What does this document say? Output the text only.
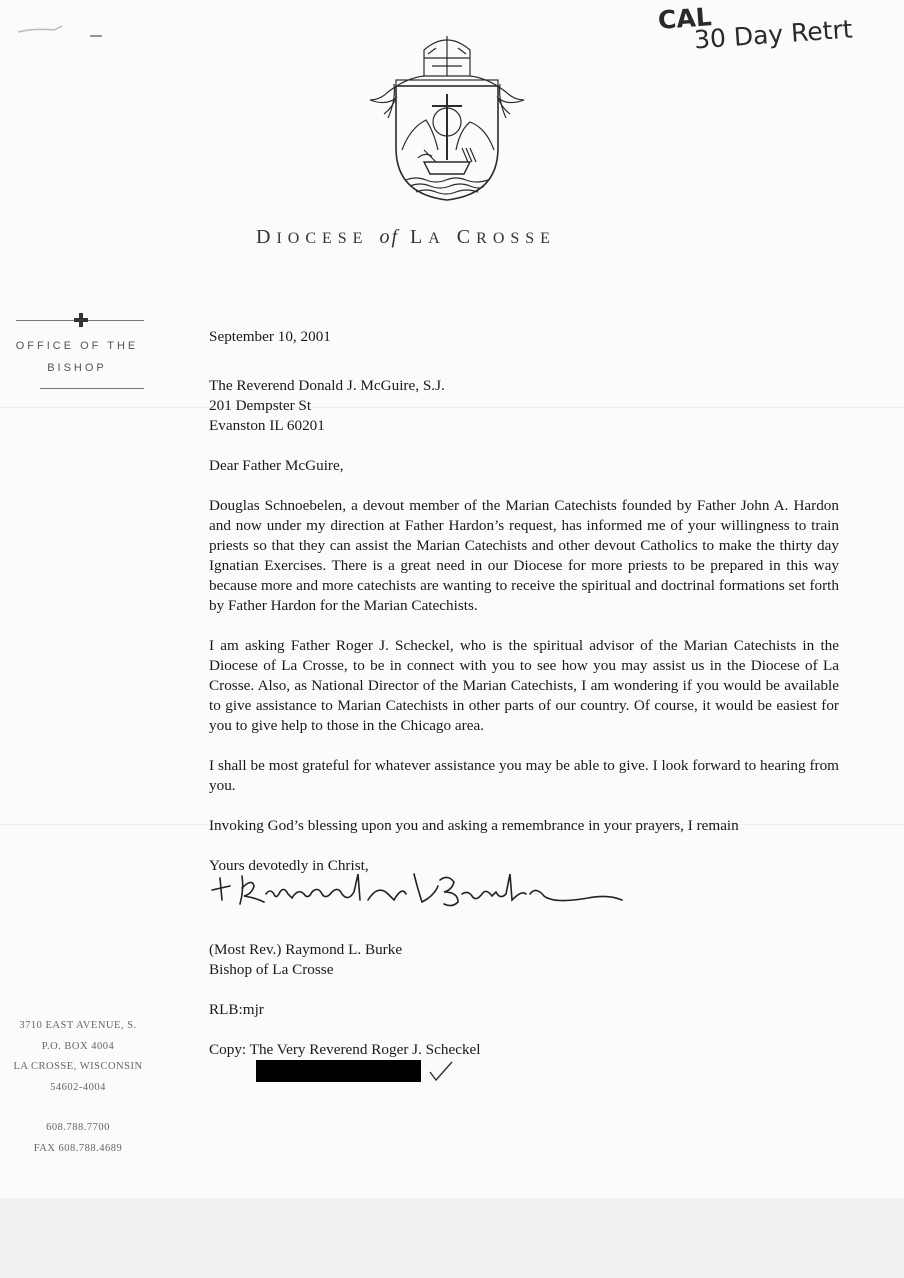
CAL
30 Day Retrt
DIOCESE of LA CROSSE
OFFICE OF THE
BISHOP
3710 EAST AVENUE, S.
P.O. BOX 4004
LA CROSSE, WISCONSIN
54602-4004
608.788.7700
FAX 608.788.4689

September 10, 2001

The Reverend Donald J. McGuire, S.J.

201 Dempster St

Evanston IL 60201

Dear Father McGuire,

Douglas Schnoebelen, a devout member of the Marian Catechists founded by Father John A. Hardon and now under my direction at Father Hardon’s request, has informed me of your willingness to train priests so that they can assist the Marian Catechists and other devout Catholics to make the thirty day Ignatian Exercises. There is a great need in our Diocese for more priests to be prepared in this way because more and more catechists are wanting to receive the spiritual and doctrinal formations set forth by Father Hardon for the Marian Catechists.

I am asking Father Roger J. Scheckel, who is the spiritual advisor of the Marian Catechists in the Diocese of La Crosse, to be in connect with you to see how you may assist us in the Diocese of La Crosse. Also, as National Director of the Marian Catechists, I am wondering if you would be available to give assistance to Marian Catechists in other parts of our country. Of course, it would be easiest for you to give help to those in the Chicago area.

I shall be most grateful for whatever assistance you may be able to give. I look forward to hearing from you.

Invoking God’s blessing upon you and asking a remembrance in your prayers, I remain

Yours devotedly in Christ,

(Most Rev.) Raymond L. Burke

Bishop of La Crosse

RLB:mjr

Copy: The Very Reverend Roger J. Scheckel
